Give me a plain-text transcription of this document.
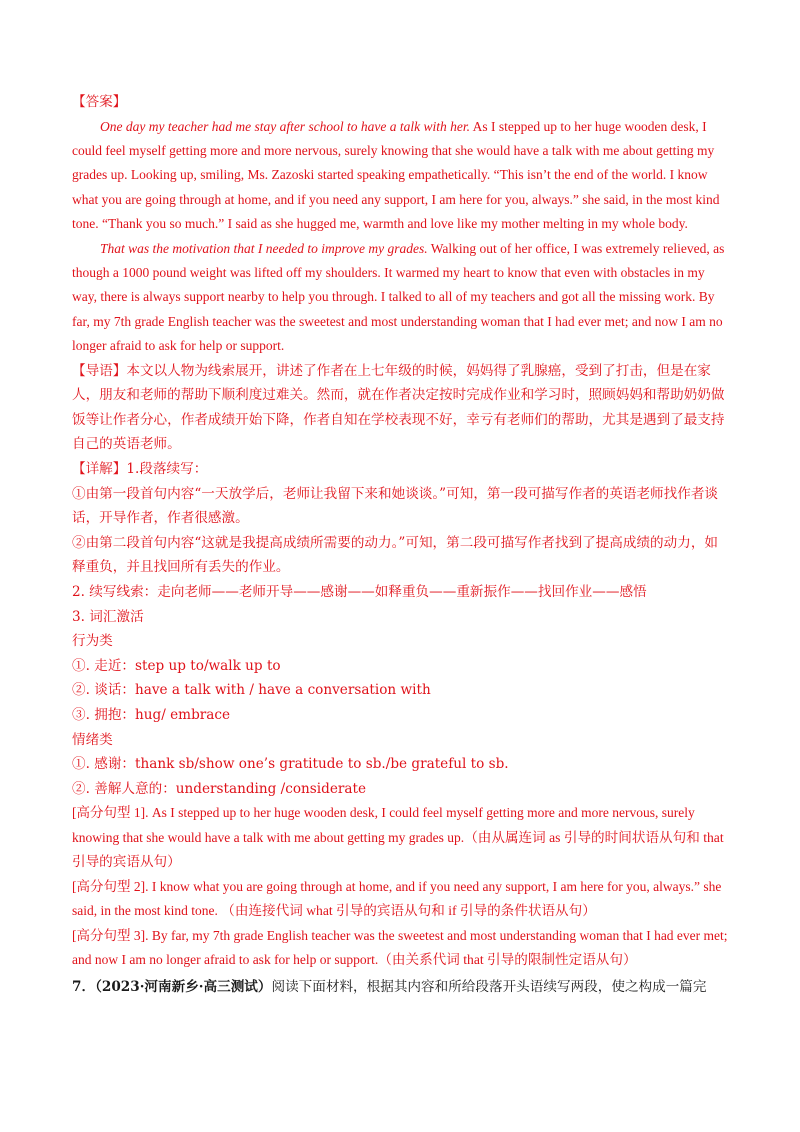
【答案】

One day my teacher had me stay after school to have a talk with her. As I stepped up to her huge wooden desk, I could feel myself getting more and more nervous, surely knowing that she would have a talk with me about getting my grades up. Looking up, smiling, Ms. Zazoski started speaking empathetically. “This isn’t the end of the world. I know what you are going through at home, and if you need any support, I am here for you, always.” she said, in the most kind tone. “Thank you so much.” I said as she hugged me, warmth and love like my mother melting in my whole body.

That was the motivation that I needed to improve my grades. Walking out of her office, I was extremely relieved, as though a 1000 pound weight was lifted off my shoulders. It warmed my heart to know that even with obstacles in my way, there is always support nearby to help you through. I talked to all of my teachers and got all the missing work. By far, my 7th grade English teacher was the sweetest and most understanding woman that I had ever met; and now I am no longer afraid to ask for help or support.

【导语】本文以人物为线索展开，讲述了作者在上七年级的时候，妈妈得了乳腺癌，受到了打击，但是在家人，朋友和老师的帮助下顺利度过难关。然而，就在作者决定按时完成作业和学习时，照顾妈妈和帮助奶奶做饭等让作者分心，作者成绩开始下降，作者自知在学校表现不好，幸亏有老师们的帮助，尤其是遇到了最支持自己的英语老师。

【详解】1.段落续写：

①由第一段首句内容“一天放学后，老师让我留下来和她谈谈。”可知，第一段可描写作者的英语老师找作者谈话，开导作者，作者很感激。

②由第二段首句内容“这就是我提高成绩所需要的动力。”可知，第二段可描写作者找到了提高成绩的动力，如释重负，并且找回所有丢失的作业。

2. 续写线索：走向老师——老师开导——感谢——如释重负——重新振作——找回作业——感悟

3. 词汇激活

行为类

①. 走近：step up to/walk up to

②. 谈话：have a talk with / have a conversation with

③. 拥抱：hug/ embrace

情绪类

①. 感谢：thank sb/show one’s gratitude to sb./be grateful to sb.

②. 善解人意的：understanding /considerate

[高分句型 1]. As I stepped up to her huge wooden desk, I could feel myself getting more and more nervous, surely knowing that she would have a talk with me about getting my grades up.（由从属连词 as 引导的时间状语从句和 that 引导的宾语从句）

[高分句型 2]. I know what you are going through at home, and if you need any support, I am here for you, always.” she said, in the most kind tone. （由连接代词 what 引导的宾语从句和 if 引导的条件状语从句）

[高分句型 3]. By far, my 7th grade English teacher was the sweetest and most understanding woman that I had ever met; and now I am no longer afraid to ask for help or support.（由关系代词 that 引导的限制性定语从句）

7．（2023·河南新乡·高三测试）阅读下面材料，根据其内容和所给段落开头语续写两段，使之构成一篇完
